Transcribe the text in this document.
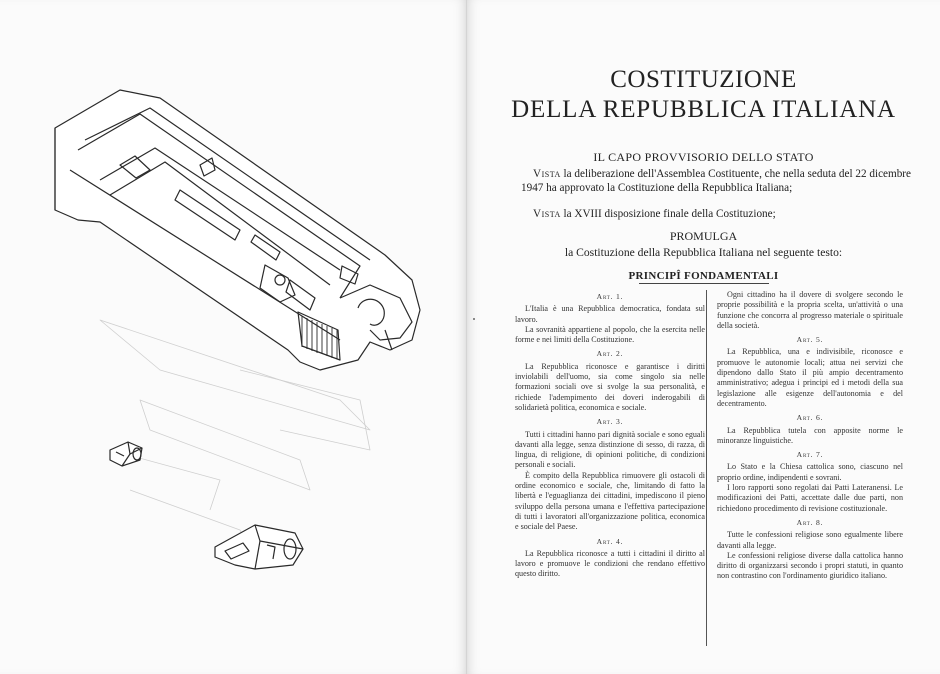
COSTITUZIONE
DELLA REPUBBLICA ITALIANA
IL CAPO PROVVISORIO DELLO STATO
Vista la deliberazione dell'Assemblea Costituente, che nella seduta del 22 dicembre 1947 ha approvato la Costituzione della Repubblica Italiana;
Vista la XVIII disposizione finale della Costituzione;
PROMULGA
la Costituzione della Repubblica Italiana nel seguente testo:
PRINCIPÎ FONDAMENTALI

Art. 1.

L'Italia è una Repubblica democratica, fondata sul lavoro.

La sovranità appartiene al popolo, che la esercita nelle forme e nei limiti della Costituzione.

Art. 2.

La Repubblica riconosce e garantisce i diritti inviolabili dell'uomo, sia come singolo sia nelle formazioni sociali ove si svolge la sua personalità, e richiede l'adempimento dei doveri inderogabili di solidarietà politica, economica e sociale.

Art. 3.

Tutti i cittadini hanno pari dignità sociale e sono eguali davanti alla legge, senza distinzione di sesso, di razza, di lingua, di religione, di opinioni politiche, di condizioni personali e sociali.

È compito della Repubblica rimuovere gli ostacoli di ordine economico e sociale, che, limitando di fatto la libertà e l'eguaglianza dei cittadini, impediscono il pieno sviluppo della persona umana e l'effettiva partecipazione di tutti i lavoratori all'organizzazione politica, economica e sociale del Paese.

Art. 4.

La Repubblica riconosce a tutti i cittadini il diritto al lavoro e promuove le condizioni che rendano effettivo questo diritto.

Ogni cittadino ha il dovere di svolgere secondo le proprie possibilità e la propria scelta, un'attività o una funzione che concorra al progresso materiale o spirituale della società.

Art. 5.

La Repubblica, una e indivisibile, riconosce e promuove le autonomie locali; attua nei servizi che dipendono dallo Stato il più ampio decentramento amministrativo; adegua i principi ed i metodi della sua legislazione alle esigenze dell'autonomia e del decentramento.

Art. 6.

La Repubblica tutela con apposite norme le minoranze linguistiche.

Art. 7.

Lo Stato e la Chiesa cattolica sono, ciascuno nel proprio ordine, indipendenti e sovrani.

I loro rapporti sono regolati dai Patti Lateranensi. Le modificazioni dei Patti, accettate dalle due parti, non richiedono procedimento di revisione costituzionale.

Art. 8.

Tutte le confessioni religiose sono egualmente libere davanti alla legge.

Le confessioni religiose diverse dalla cattolica hanno diritto di organizzarsi secondo i propri statuti, in quanto non contrastino con l'ordinamento giuridico italiano.
